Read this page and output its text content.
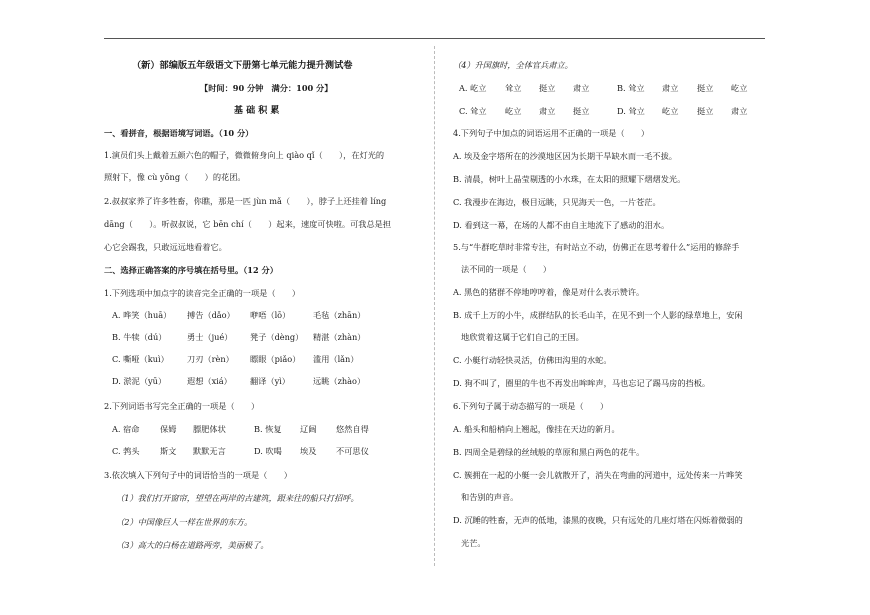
（新）部编版五年级语文下册第七单元能力提升测试卷
【时间：90 分钟　满分：100 分】
基 础 积 累
一、看拼音，根据语境写词语。（10 分）
1.演员们头上戴着五颜六色的帽子，微微俯身向上 qiào qǐ（　　），在灯光的
照射下，像 cù yōng（　　）的花团。
2.叔叔家养了许多牲畜，你瞧，那是一匹 jùn mǎ（　　），脖子上还挂着 líng
dāng（　　）。听叔叔说，它 bēn chí（　　）起来，速度可快啦。可我总是担
心它会踢我，只敢远远地看着它。
二、选择正确答案的序号填在括号里。（12 分）
1.下列选项中加点字的读音完全正确的一项是（　　）
A. 哗笑（huā） 搏告（dǎo） 咿唔（lō）	毛毡（zhān）
B. 牛犊（dú）	勇士（jué） 凳子（dèng） 精湛（zhàn）
C. 嘶哑（kuì） 刀刃（rèn） 瞟眼（piǎo） 滥用（lǎn）
D. 淤泥（yū）	遐想（xiá） 翻译（yì）	远眺（zhào）
2.下列词语书写完全正确的一项是（　　）
A. 宿命	保姆 膘肥体状	B. 恢复 辽阔 悠然自得
C. 鹁头 斯文 默默无言	D. 吹喝 埃及 不可思仪
3.依次填入下列句子中的词语恰当的一项是（　　）
（1）我们打开窗帘，望望在两岸的古建筑，跟来往的船只打招呼。
（2）中国像巨人一样在世界的东方。
（3）高大的白杨在道路两旁，美丽极了。
（4）升国旗时，全体官兵肃立。
A. 屹立 耸立 挺立 肃立	B. 耸立 肃立 挺立 屹立
C. 耸立 屹立 肃立 挺立	D. 耸立 屹立 挺立 肃立
4.下列句子中加点的词语运用不正确的一项是（　　）
A. 埃及金字塔所在的沙漠地区因为长期干旱缺水而一毛不拔。
B. 清晨，树叶上晶莹剔透的小水珠，在太阳的照耀下熠熠发光。
C. 我漫步在海边，极目远眺，只见海天一色，一片苍茫。
D. 看到这一幕，在场的人都不由自主地流下了感动的泪水。
5.与“牛群吃草时非常专注，有时站立不动，仿佛正在思考着什么”运用的修辞手
法不同的一项是（　　）
A. 黑色的猪群不停地哼哼着，像是对什么表示赞许。
B. 成千上万的小牛，成群结队的长毛山羊，在见不到一个人影的绿草地上，安闲
地欣赏着这属于它们自己的王国。
C. 小艇行动轻快灵活，仿佛田沟里的水蛇。
D. 狗不叫了，圈里的牛也不再发出哞哞声，马也忘记了踢马房的挡板。
6.下列句子属于动态描写的一项是（　　）
A. 船头和船梢向上翘起，像挂在天边的新月。
B. 四周全是碧绿的丝绒般的草原和黑白两色的花牛。
C. 簇拥在一起的小艇一会儿就散开了，消失在弯曲的河道中，远处传来一片哗笑
和告别的声音。
D. 沉睡的牲畜，无声的低地，漆黑的夜晚，只有远处的几座灯塔在闪烁着微弱的
光芒。
